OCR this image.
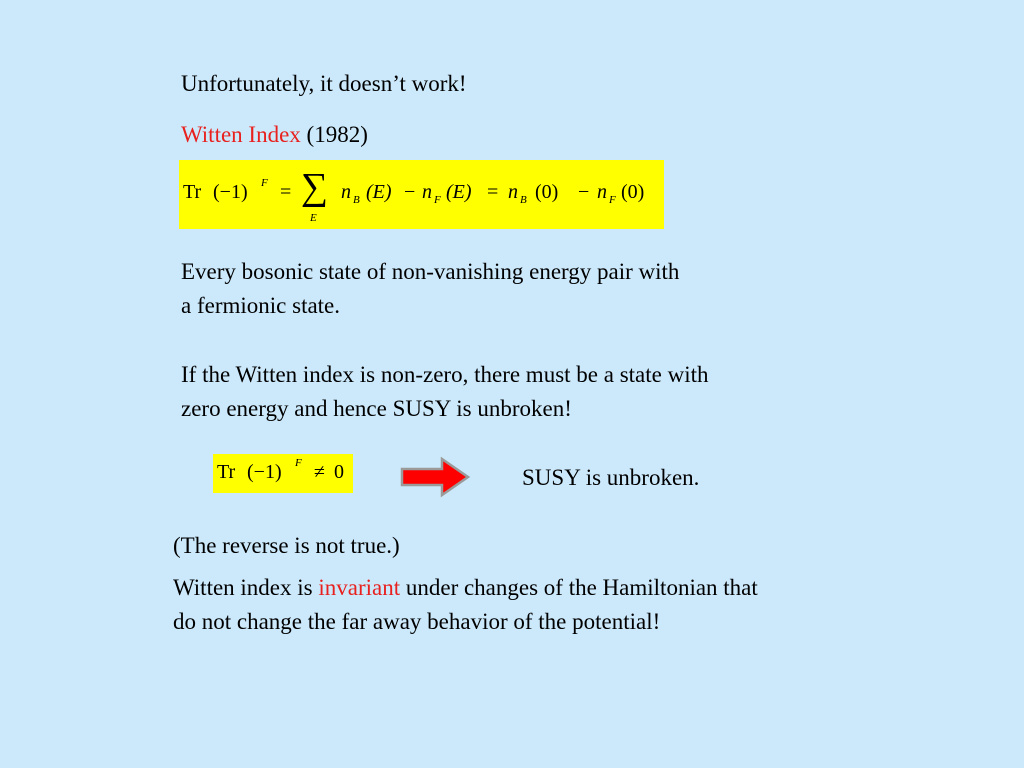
Unfortunately, it doesn’t work!
Witten Index (1982)
Tr (−1) F = ∑
E
n B (E) − n F (E) = n B (0) − n F (0)
Every bosonic state of non-vanishing energy pair with
a fermionic state.
If the Witten index is non-zero, there must be a state with
zero energy and hence SUSY is unbroken!
Tr (−1) F ≠ 0	SUSY is unbroken.
(The reverse is not true.)
Witten index is invariant under changes of the Hamiltonian that
do not change the far away behavior of the potential!
